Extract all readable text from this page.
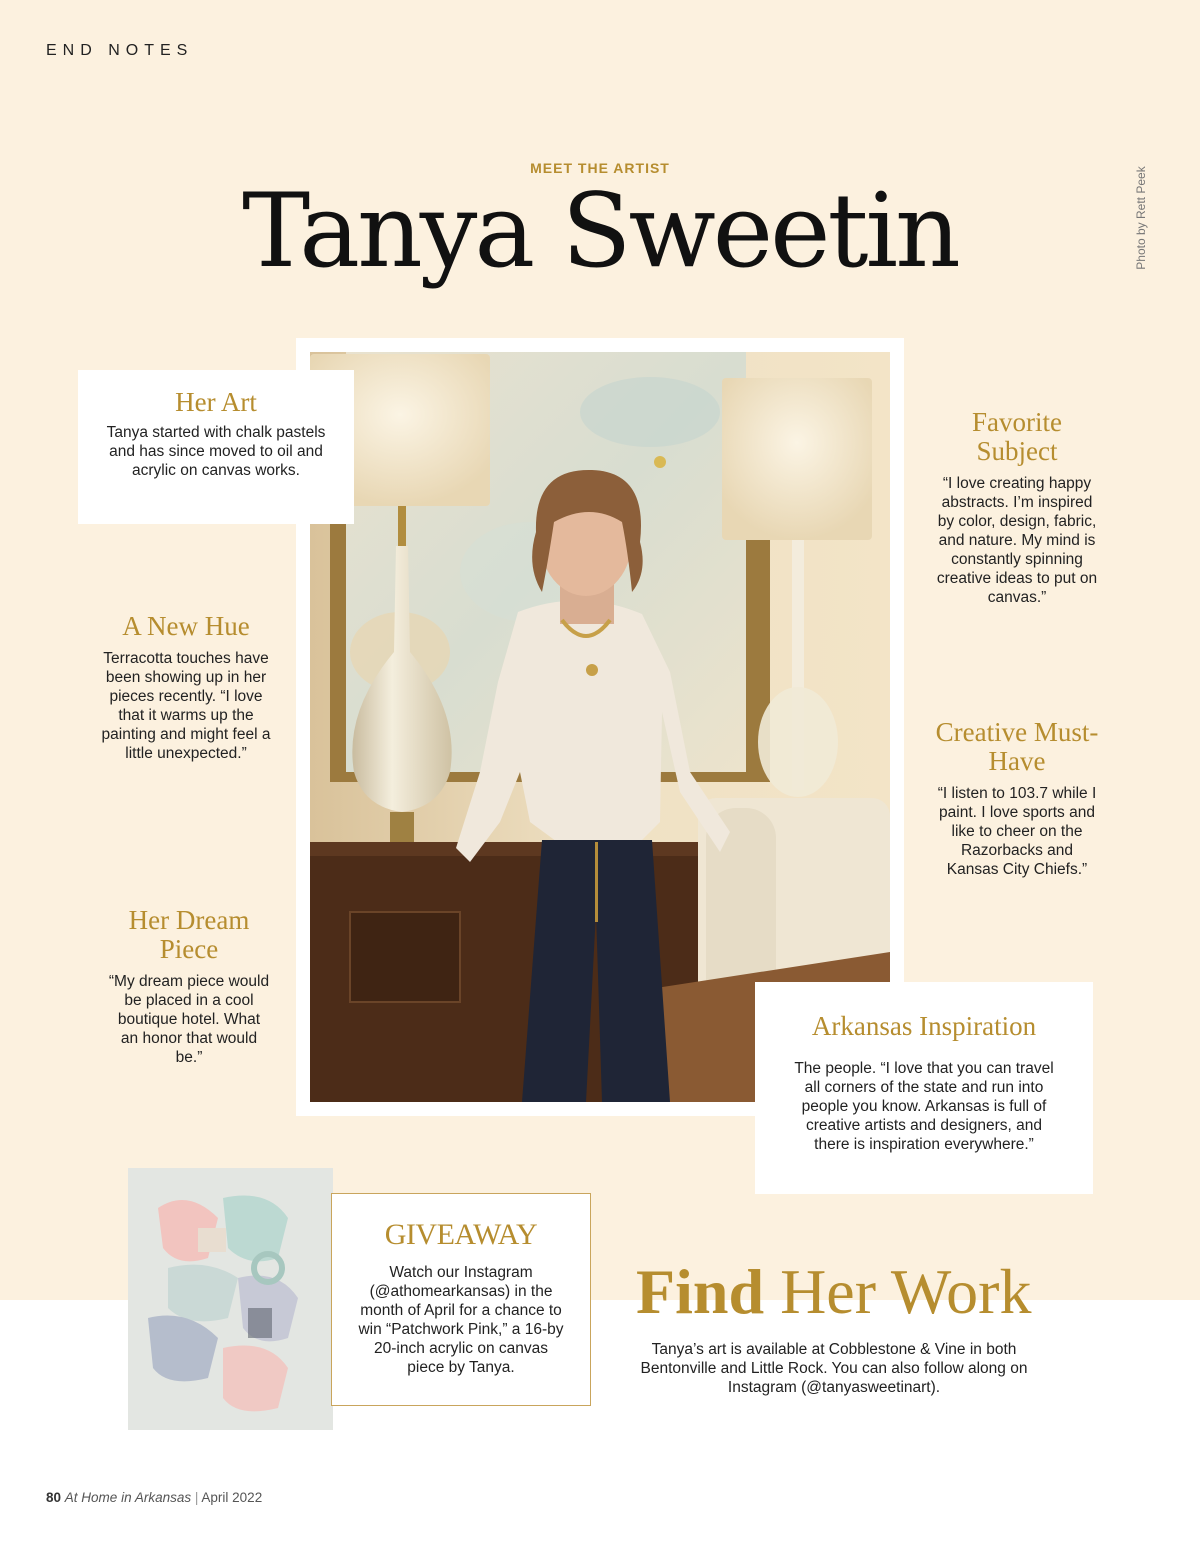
END NOTES
Photo by Rett Peek
MEET THE ARTIST
Tanya Sweetin
Her Art
Tanya started with chalk pastels and has since moved to oil and acrylic on canvas works.
A New Hue
Terracotta touches have been showing up in her pieces recently. “I love that it warms up the painting and might feel a little unexpected.”
Her Dream Piece
“My dream piece would be placed in a cool boutique hotel. What an honor that would be.”
Favorite Subject
“I love creating happy abstracts. I’m inspired by color, design, fabric, and nature. My mind is constantly spinning creative ideas to put on canvas.”
Creative Must-Have
“I listen to 103.7 while I paint. I love sports and like to cheer on the Razorbacks and Kansas City Chiefs.”
Arkansas Inspiration
The people. “I love that you can travel all corners of the state and run into people you know. Arkansas is full of creative artists and designers, and there is inspiration everywhere.”
GIVEAWAY
Watch our Instagram (@athomearkansas) in the month of April for a chance to win “Patchwork Pink,” a 16-by 20-inch acrylic on canvas piece by Tanya.
Find Her Work
Tanya’s art is available at Cobblestone & Vine in both Bentonville and Little Rock. You can also follow along on Instagram (@tanyasweetinart).
80 At Home in Arkansas | April 2022
